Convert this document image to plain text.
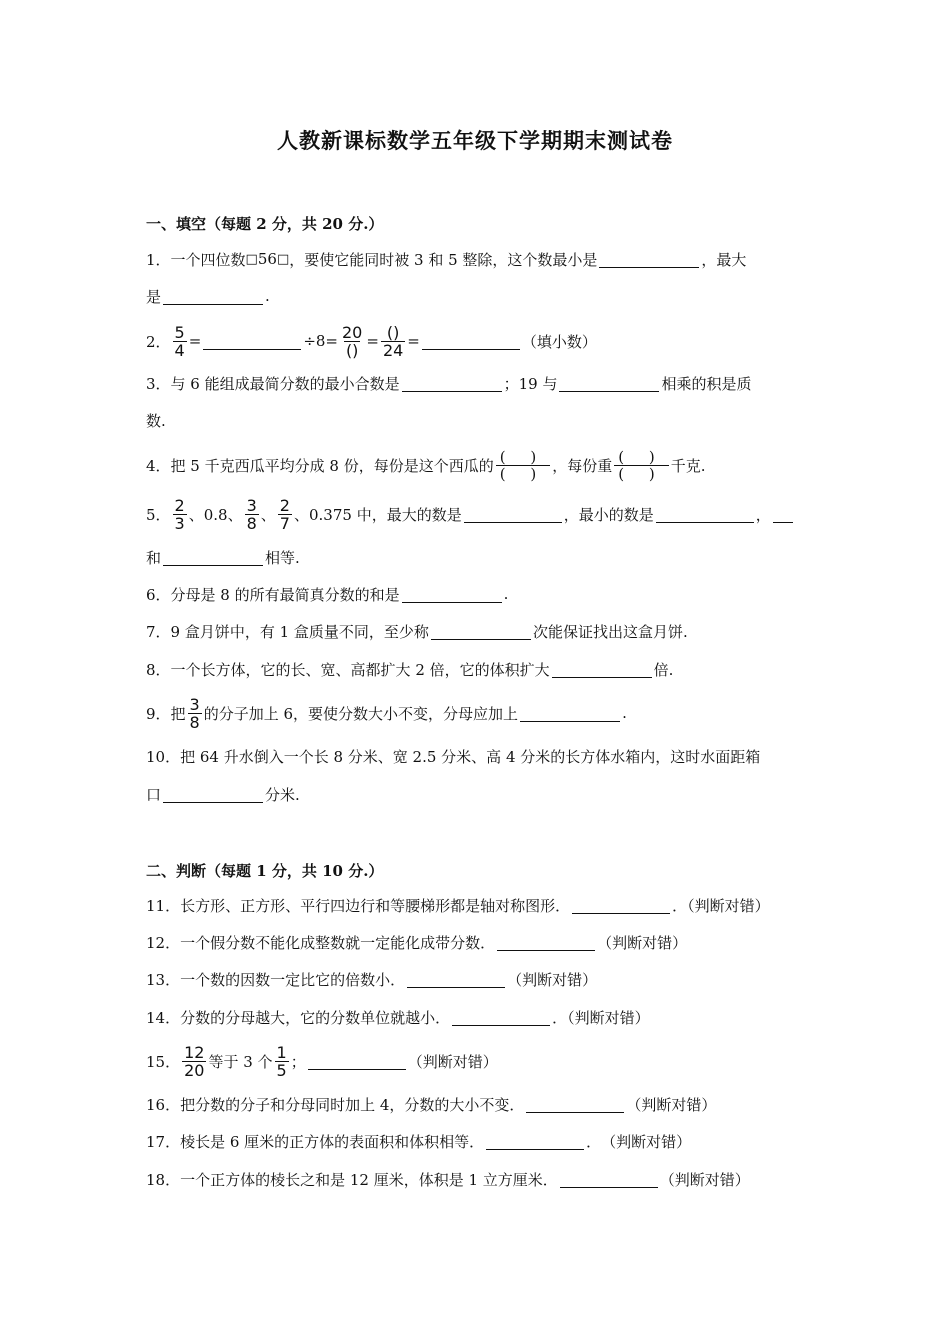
人教新课标数学五年级下学期期末测试卷
一、填空（每题 2 分，共 20 分.）
1．一个四位数 □ 56 □ ，要使它能同时被 3 和 5 整除，这个数最小是	，最大
是	.
2． $\frac{5}{4}$ =	$\div 8= \frac{20}{()} = \frac{()}{24}$ =	（填小数）
3．与 6 能组成最简分数的最小合数是	；19 与	相乘的积是质
数.
4．把 5 千克西瓜平均分成 8 份，每份是这个西瓜的 $\frac{( )}{( )}$ ，每份重 $\frac{( )}{( )}$ 千克.
5． $\frac{2}{3}$ 、0.8、 $\frac{3}{8}$ 、 $\frac{2}{7}$ 、0.375 中，最大的数是	，最小的数是	，
和	相等.
6．分母是 8 的所有最简真分数的和是	.
7．9 盒月饼中，有 1 盒质量不同，至少称	次能保证找出这盒月饼.
8．一个长方体，它的长、宽、高都扩大 2 倍，它的体积扩大	倍.
9．把 $\frac{3}{8}$ 的分子加上 6，要使分数大小不变，分母应加上	.
10．把 64 升水倒入一个长 8 分米、宽 2.5 分米、高 4 分米的长方体水箱内，这时水面距箱
口	分米.
二、判断（每题 1 分，共 10 分.）
11．长方形、正方形、平行四边行和等腰梯形都是轴对称图形．	．（判断对错）
12．一个假分数不能化成整数就一定能化成带分数．	（判断对错）
13．一个数的因数一定比它的倍数小．	（判断对错）
14．分数的分母越大，它的分数单位就越小．	．（判断对错）
15． $\frac{12}{20}$ 等于 3 个 $\frac{1}{5}$ ；	（判断对错）
16．把分数的分子和分母同时加上 4，分数的大小不变．	（判断对错）
17．棱长是 6 厘米的正方体的表面积和体积相等．	．　（判断对错）
18．一个正方体的棱长之和是 12 厘米，体积是 1 立方厘米．	（判断对错）
